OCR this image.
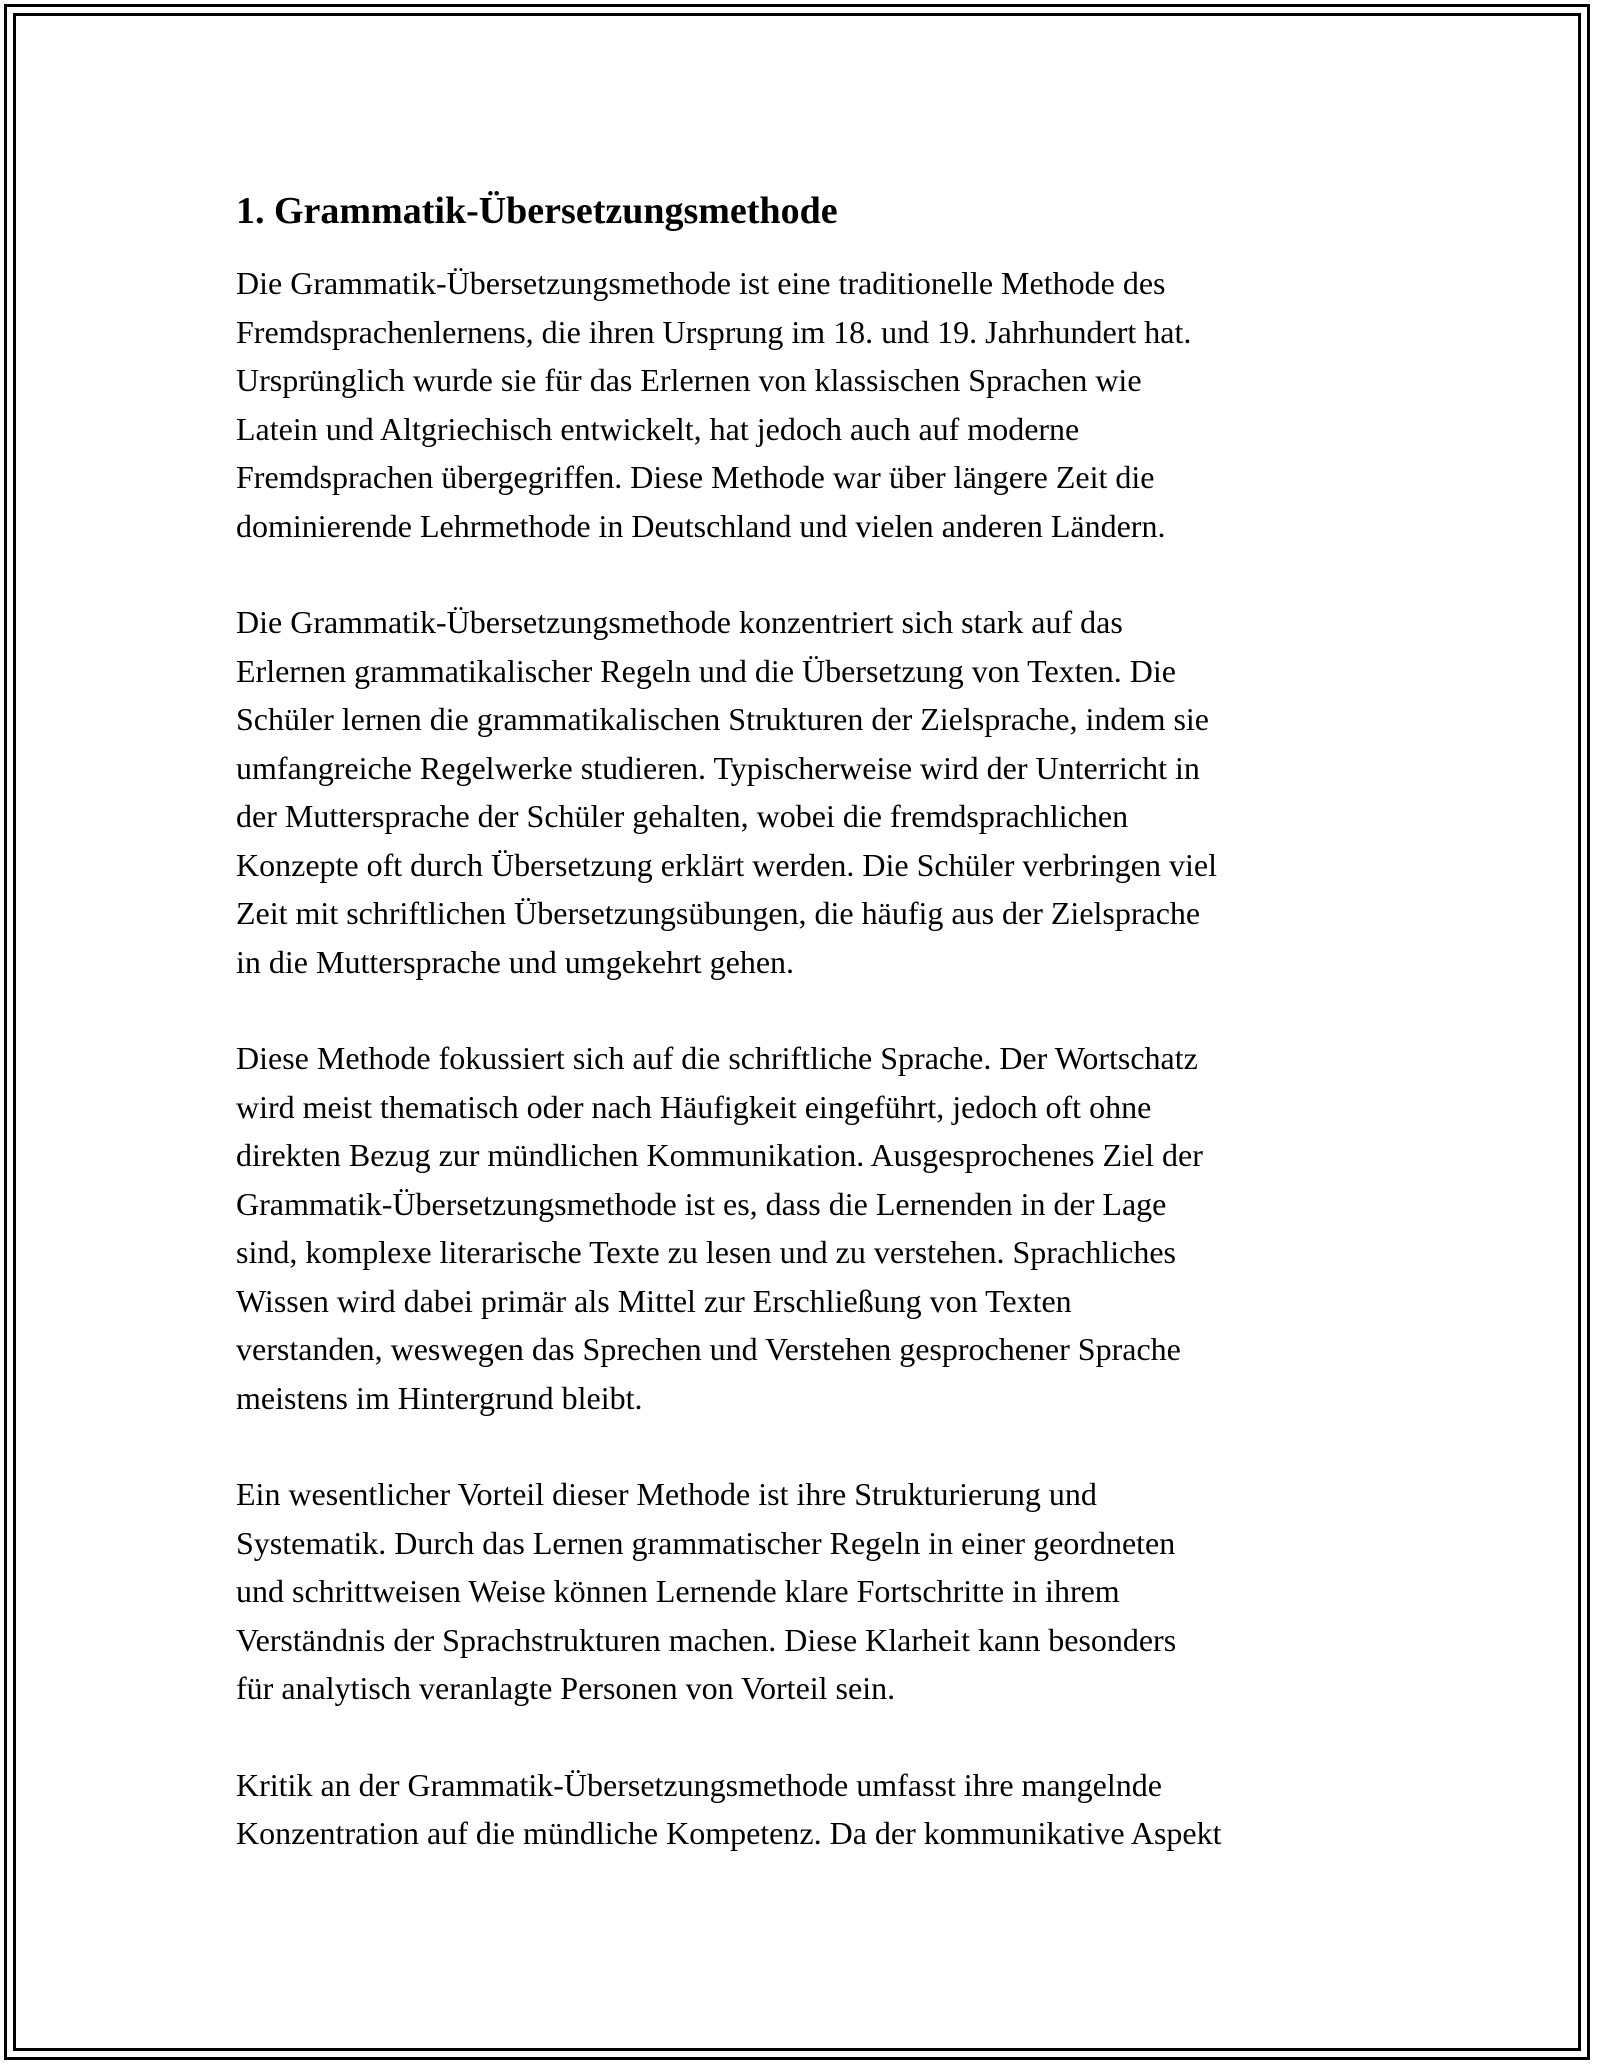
1. Grammatik-Übersetzungsmethode

Die Grammatik-Übersetzungsmethode ist eine traditionelle Methode des
Fremdsprachenlernens, die ihren Ursprung im 18. und 19. Jahrhundert hat.
Ursprünglich wurde sie für das Erlernen von klassischen Sprachen wie
Latein und Altgriechisch entwickelt, hat jedoch auch auf moderne
Fremdsprachen übergegriffen. Diese Methode war über längere Zeit die
dominierende Lehrmethode in Deutschland und vielen anderen Ländern.

Die Grammatik-Übersetzungsmethode konzentriert sich stark auf das
Erlernen grammatikalischer Regeln und die Übersetzung von Texten. Die
Schüler lernen die grammatikalischen Strukturen der Zielsprache, indem sie
umfangreiche Regelwerke studieren. Typischerweise wird der Unterricht in
der Muttersprache der Schüler gehalten, wobei die fremdsprachlichen
Konzepte oft durch Übersetzung erklärt werden. Die Schüler verbringen viel
Zeit mit schriftlichen Übersetzungsübungen, die häufig aus der Zielsprache
in die Muttersprache und umgekehrt gehen.

Diese Methode fokussiert sich auf die schriftliche Sprache. Der Wortschatz
wird meist thematisch oder nach Häufigkeit eingeführt, jedoch oft ohne
direkten Bezug zur mündlichen Kommunikation. Ausgesprochenes Ziel der
Grammatik-Übersetzungsmethode ist es, dass die Lernenden in der Lage
sind, komplexe literarische Texte zu lesen und zu verstehen. Sprachliches
Wissen wird dabei primär als Mittel zur Erschließung von Texten
verstanden, weswegen das Sprechen und Verstehen gesprochener Sprache
meistens im Hintergrund bleibt.

Ein wesentlicher Vorteil dieser Methode ist ihre Strukturierung und
Systematik. Durch das Lernen grammatischer Regeln in einer geordneten
und schrittweisen Weise können Lernende klare Fortschritte in ihrem
Verständnis der Sprachstrukturen machen. Diese Klarheit kann besonders
für analytisch veranlagte Personen von Vorteil sein.

Kritik an der Grammatik-Übersetzungsmethode umfasst ihre mangelnde
Konzentration auf die mündliche Kompetenz. Da der kommunikative Aspekt
